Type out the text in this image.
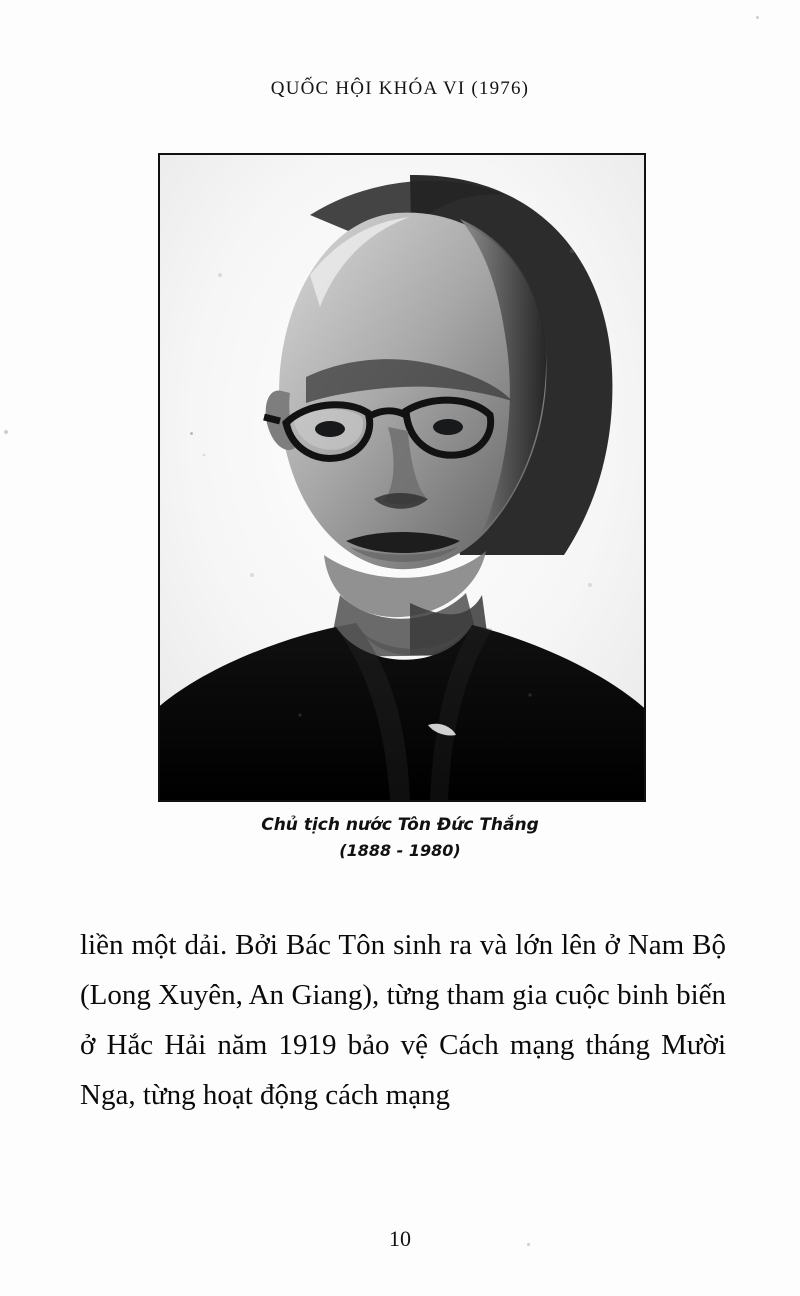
QUỐC HỘI KHÓA VI (1976)
Chủ tịch nước Tôn Đức Thắng
(1888 - 1980)

liền một dải. Bởi Bác Tôn sinh ra và lớn lên ở Nam Bộ (Long Xuyên, An Giang), từng tham gia cuộc binh biến ở Hắc Hải năm 1919 bảo vệ Cách mạng tháng Mười Nga, từng hoạt động cách mạng

10
